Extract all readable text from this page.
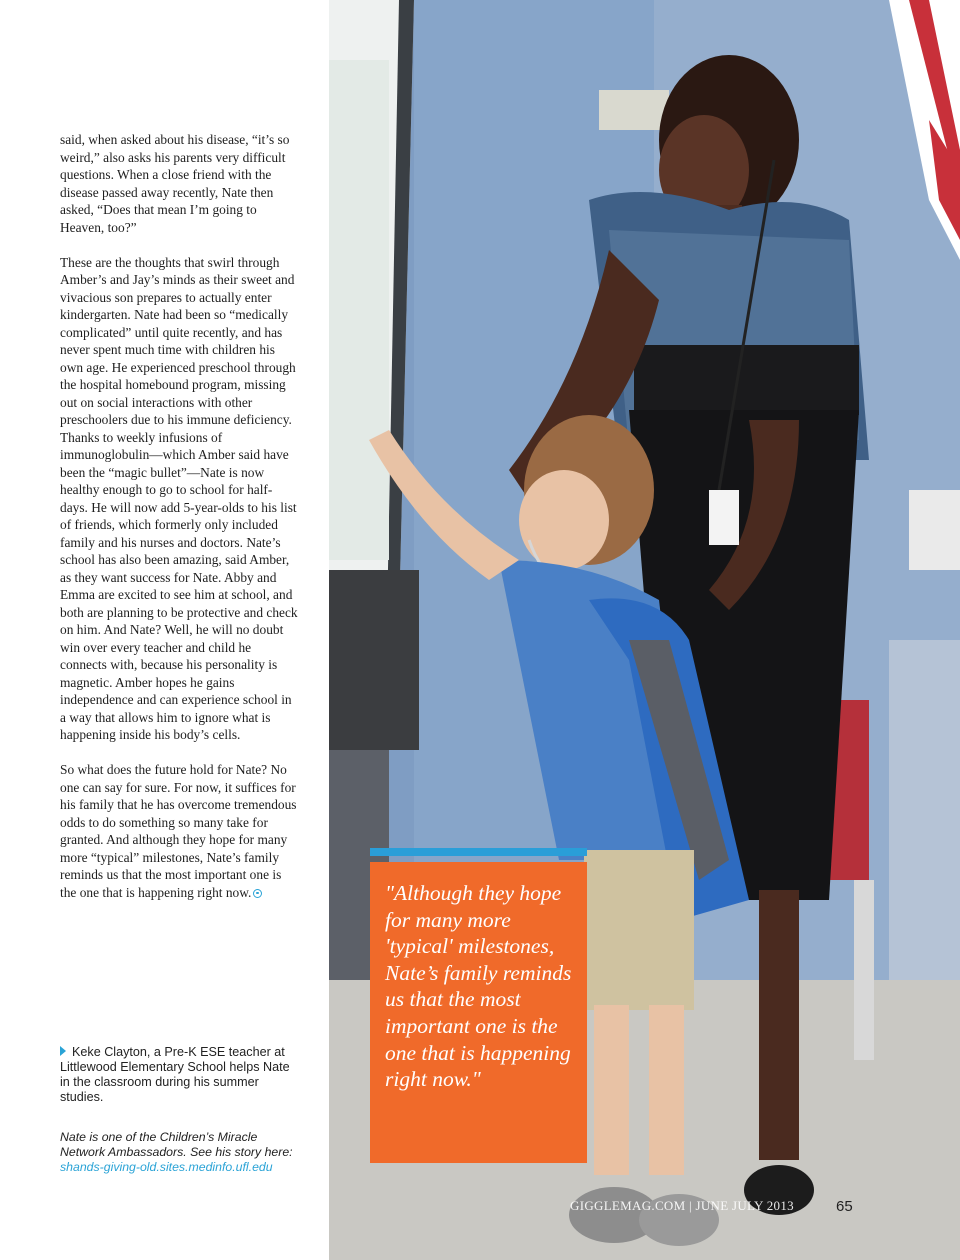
said, when asked about his disease, “it’s so weird,” also asks his parents very difficult questions. When a close friend with the disease passed away recently, Nate then asked, “Does that mean I’m going to Heaven, too?”

These are the thoughts that swirl through Amber’s and Jay’s minds as their sweet and vivacious son prepares to actually enter kindergarten. Nate had been so “medically complicated” until quite recently, and has never spent much time with children his own age. He experienced preschool through the hospital homebound program, missing out on social interactions with other preschoolers due to his immune deficiency. Thanks to weekly infusions of immunoglobulin—which Amber said have been the “magic bullet”—Nate is now healthy enough to go to school for half-days. He will now add 5-year-olds to his list of friends, which formerly only included family and his nurses and doctors. Nate’s school has also been amazing, said Amber, as they want success for Nate. Abby and Emma are excited to see him at school, and both are planning to be protective and check on him. And Nate? Well, he will no doubt win over every teacher and child he connects with, because his personality is magnetic. Amber hopes he gains independence and can experience school in a way that allows him to ignore what is happening inside his body’s cells.

So what does the future hold for Nate? No one can say for sure. For now, it suffices for his family that he has overcome tremendous odds to do something so many take for granted. And although they hope for many more “typical” milestones, Nate’s family reminds us that the most important one is the one that is happening right now.

Keke Clayton, a Pre-K ESE teacher at Littlewood Elementary School helps Nate in the classroom during his summer studies.
Nate is one of the Children’s Miracle Network Ambassadors. See his story here:
shands-giving-old.sites.medinfo.ufl.edu
"Although they hope for many more 'typical' milestones, Nate’s family reminds us that the most important one is the one that is happening right now."
GIGGLEMAG.COM | JUNE JULY 2013	65
